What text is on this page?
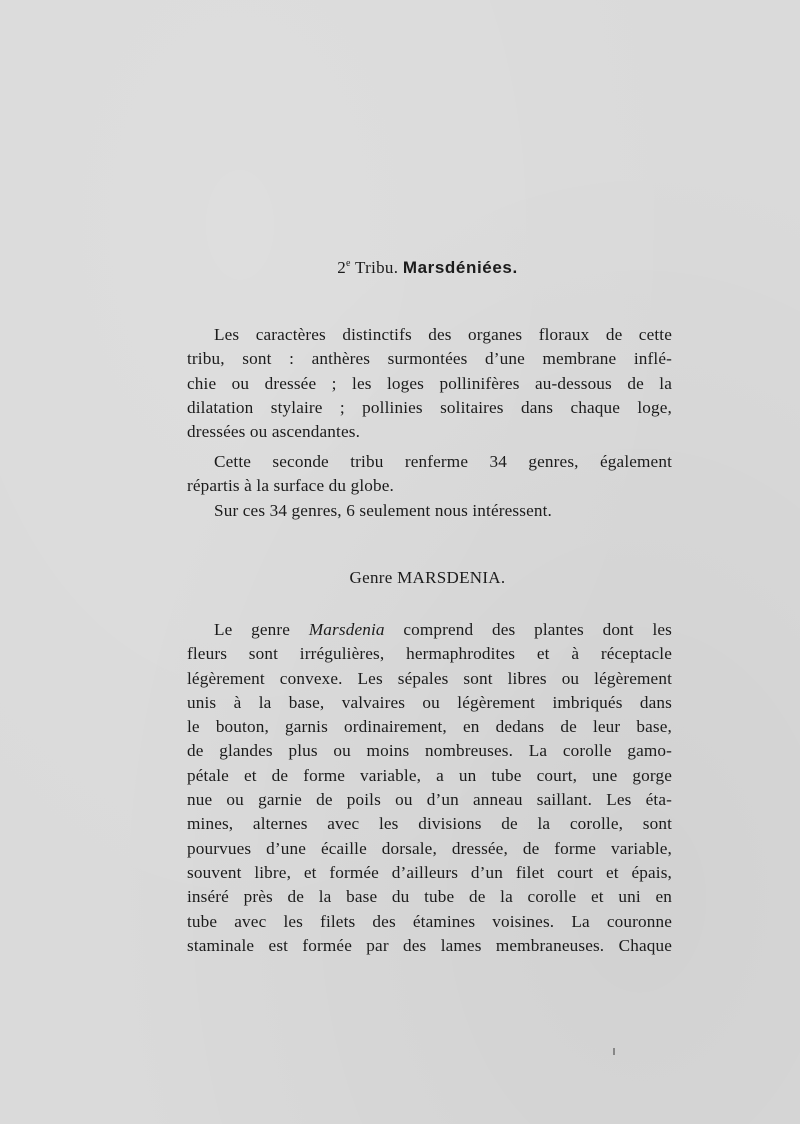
2e Tribu. Marsdéniées.
Les caractères distinctifs des organes floraux de cette
tribu, sont : anthères surmontées d’une membrane inflé-
chie ou dressée ; les loges pollinifères au-dessous de la
dilatation stylaire ; pollinies solitaires dans chaque loge,
dressées ou ascendantes.
Cette seconde tribu renferme 34 genres, également
répartis à la surface du globe.
Sur ces 34 genres, 6 seulement nous intéressent.
Genre MARSDENIA.
Le genre Marsdenia comprend des plantes dont les
fleurs sont irrégulières, hermaphrodites et à réceptacle
légèrement convexe. Les sépales sont libres ou légèrement
unis à la base, valvaires ou légèrement imbriqués dans
le bouton, garnis ordinairement, en dedans de leur base,
de glandes plus ou moins nombreuses. La corolle gamo-
pétale et de forme variable, a un tube court, une gorge
nue ou garnie de poils ou d’un anneau saillant. Les éta-
mines, alternes avec les divisions de la corolle, sont
pourvues d’une écaille dorsale, dressée, de forme variable,
souvent libre, et formée d’ailleurs d’un filet court et épais,
inséré près de la base du tube de la corolle et uni en
tube avec les filets des étamines voisines. La couronne
staminale est formée par des lames membraneuses. Chaque
